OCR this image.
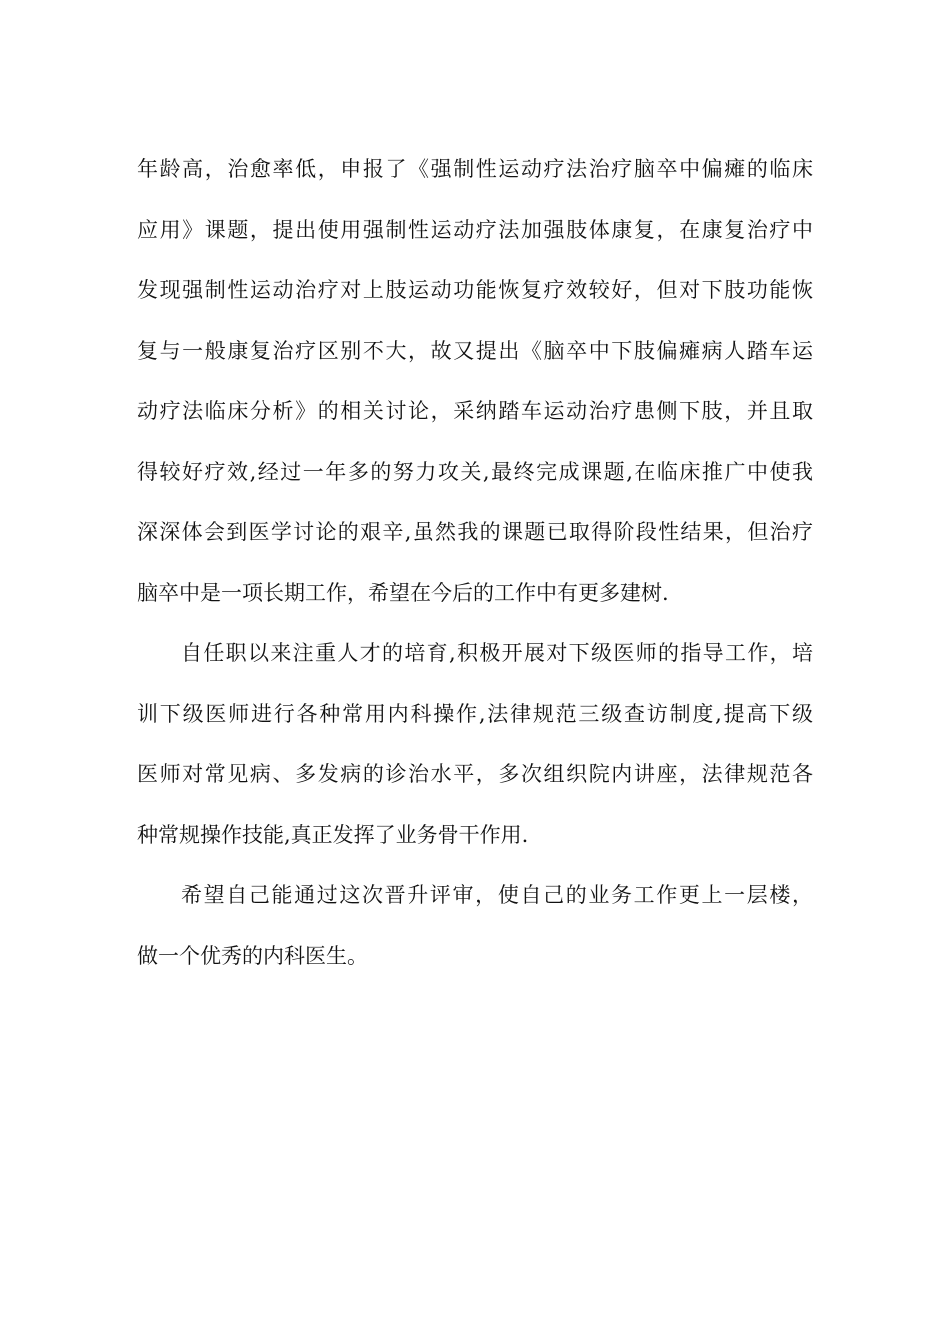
年龄高，治愈率低，申报了《强制性运动疗法治疗脑卒中偏瘫的临床
应用》课题，提出使用强制性运动疗法加强肢体康复，在康复治疗中
发现强制性运动治疗对上肢运动功能恢复疗效较好，但对下肢功能恢
复与一般康复治疗区别不大，故又提出《脑卒中下肢偏瘫病人踏车运
动疗法临床分析》的相关讨论，采纳踏车运动治疗患侧下肢，并且取
得较好疗效,经过一年多的努力攻关,最终完成课题,在临床推广中使我
深深体会到医学讨论的艰辛,虽然我的课题已取得阶段性结果，但治疗
脑卒中是一项长期工作，希望在今后的工作中有更多建树.
自任职以来注重人才的培育,积极开展对下级医师的指导工作，培
训下级医师进行各种常用内科操作,法律规范三级查访制度,提高下级
医师对常见病、多发病的诊治水平，多次组织院内讲座，法律规范各
种常规操作技能,真正发挥了业务骨干作用.
希望自己能通过这次晋升评审，使自己的业务工作更上一层楼，
做一个优秀的内科医生。
